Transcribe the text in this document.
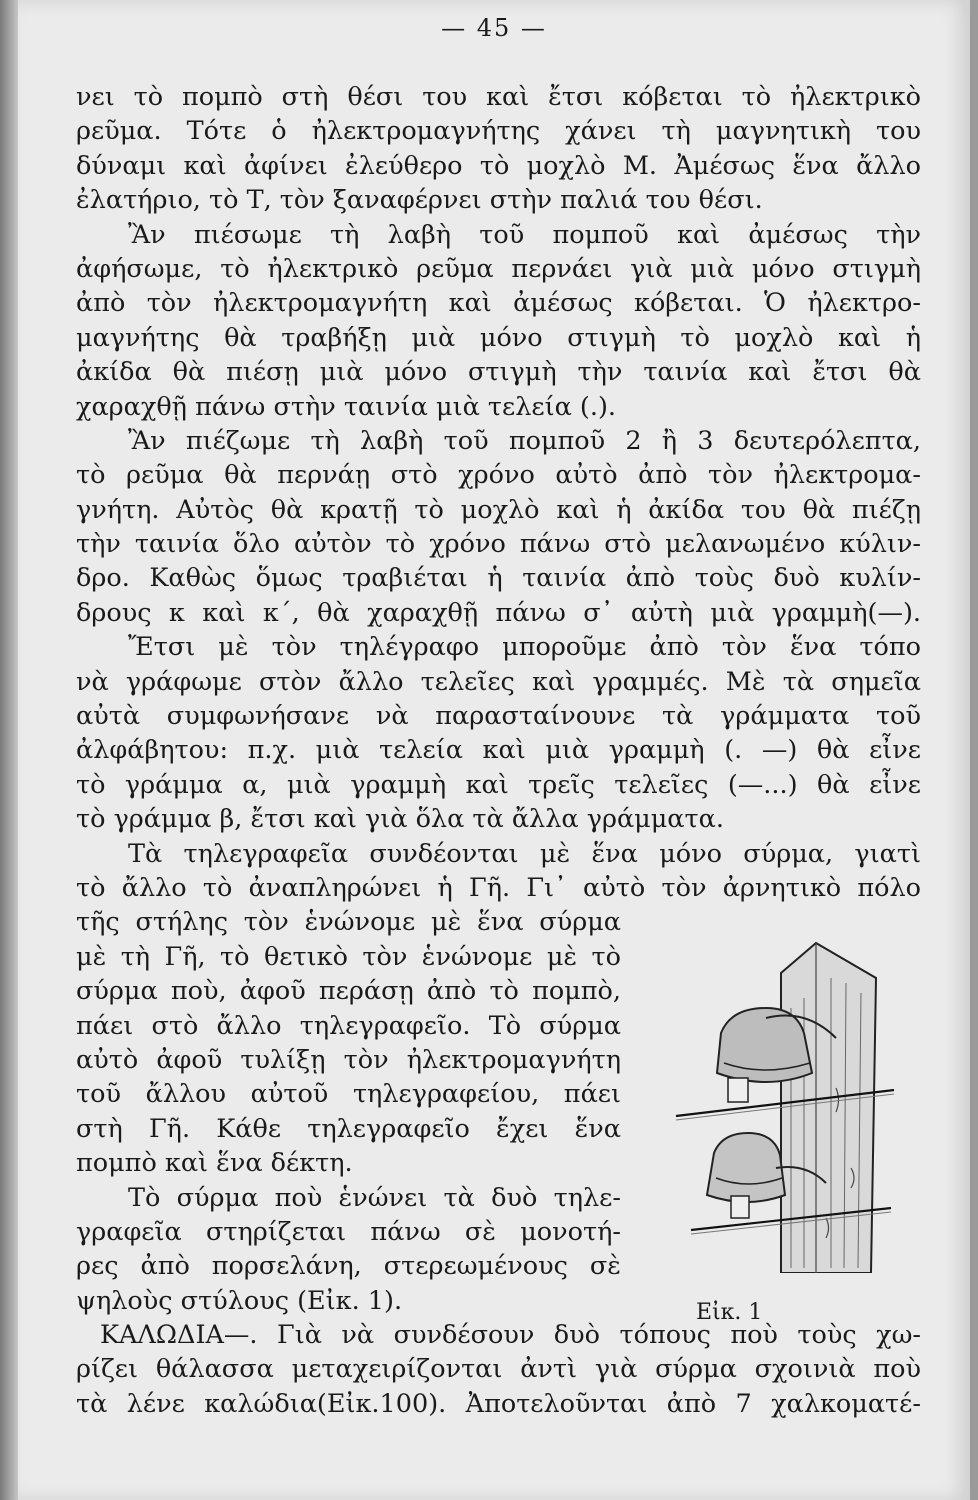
— 45 —
νει τὸ πομπὸ στὴ θέσι του καὶ ἔτσι κόβεται τὸ ἠλεκτρικὸ
ρεῦμα. Τότε ὁ ἠλεκτρομαγνήτης χάνει τὴ μαγνητικὴ του
δύναμι καὶ ἀφίνει ἐλεύθερο τὸ μοχλὸ Μ. Ἀμέσως ἕνα ἄλλο
ἐλατήριο, τὸ Τ, τὸν ξαναφέρνει στὴν παλιά του θέσι.
Ἂν πιέσωμε τὴ λαβὴ τοῦ πομποῦ καὶ ἀμέσως τὴν
ἀφήσωμε, τὸ ἠλεκτρικὸ ρεῦμα περνάει γιὰ μιὰ μόνο στιγμὴ
ἀπὸ τὸν ἠλεκτρομαγνήτη καὶ ἀμέσως κόβεται. Ὁ ἠλεκτρο-
μαγνήτης θὰ τραβήξῃ μιὰ μόνο στιγμὴ τὸ μοχλὸ καὶ ἡ
ἀκίδα θὰ πιέσῃ μιὰ μόνο στιγμὴ τὴν ταινία καὶ ἔτσι θὰ
χαραχθῇ πάνω στὴν ταινία μιὰ τελεία (.).
Ἂν πιέζωμε τὴ λαβὴ τοῦ πομποῦ 2 ἢ 3 δευτερόλεπτα,
τὸ ρεῦμα θὰ περνάῃ στὸ χρόνο αὐτὸ ἀπὸ τὸν ἠλεκτρομα-
γνήτη. Αὐτὸς θὰ κρατῇ τὸ μοχλὸ καὶ ἡ ἀκίδα του θὰ πιέζῃ
τὴν ταινία ὅλο αὐτὸν τὸ χρόνο πάνω στὸ μελανωμένο κύλιν-
δρο. Καθὼς ὅμως τραβιέται ἡ ταινία ἀπὸ τοὺς δυὸ κυλίν-
δρους κ καὶ κ΄, θὰ χαραχθῇ πάνω σ᾿ αὐτὴ μιὰ γραμμὴ(—).
Ἔτσι μὲ τὸν τηλέγραφο μποροῦμε ἀπὸ τὸν ἕνα τόπο
νὰ γράφωμε στὸν ἄλλο τελεῖες καὶ γραμμές. Μὲ τὰ σημεῖα
αὐτὰ συμφωνήσανε νὰ παρασταίνουνε τὰ γράμματα τοῦ
ἀλφάβητου: π.χ. μιὰ τελεία καὶ μιὰ γραμμὴ (. —) θὰ εἶνε
τὸ γράμμα α, μιὰ γραμμὴ καὶ τρεῖς τελεῖες (—...) θὰ εἶνε
τὸ γράμμα β, ἔτσι καὶ γιὰ ὅλα τὰ ἄλλα γράμματα.
Τὰ τηλεγραφεῖα συνδέονται μὲ ἕνα μόνο σύρμα, γιατὶ
τὸ ἄλλο τὸ ἀναπληρώνει ἡ Γῆ. Γι᾿ αὐτὸ τὸν ἀρνητικὸ πόλο
τῆς στήλης τὸν ἑνώνομε μὲ ἕνα σύρμα
μὲ τὴ Γῆ, τὸ θετικὸ τὸν ἑνώνομε μὲ τὸ
σύρμα ποὺ, ἀφοῦ περάσῃ ἀπὸ τὸ πομπὸ,
πάει στὸ ἄλλο τηλεγραφεῖο. Τὸ σύρμα
αὐτὸ ἀφοῦ τυλίξῃ τὸν ἠλεκτρομαγνήτη
τοῦ ἄλλου αὐτοῦ τηλεγραφείου, πάει
στὴ Γῆ. Κάθε τηλεγραφεῖο ἔχει ἕνα
πομπὸ καὶ ἕνα δέκτη.
Τὸ σύρμα ποὺ ἑνώνει τὰ δυὸ τηλε-
γραφεῖα στηρίζεται πάνω σὲ μονοτή-
ρες ἀπὸ πορσελάνη, στερεωμένους σὲ
ψηλοὺς στύλους (Εἰκ. 1).
ΚΑΛΩΔΙΑ—. Γιὰ νὰ συνδέσουν δυὸ τόπους ποὺ τοὺς χω-
ρίζει θάλασσα μεταχειρίζονται ἀντὶ γιὰ σύρμα σχοινιὰ ποὺ
τὰ λένε καλώδια(Εἰκ.100). Ἀποτελοῦνται ἀπὸ 7 χαλκοματέ-
Εἰκ. 1
